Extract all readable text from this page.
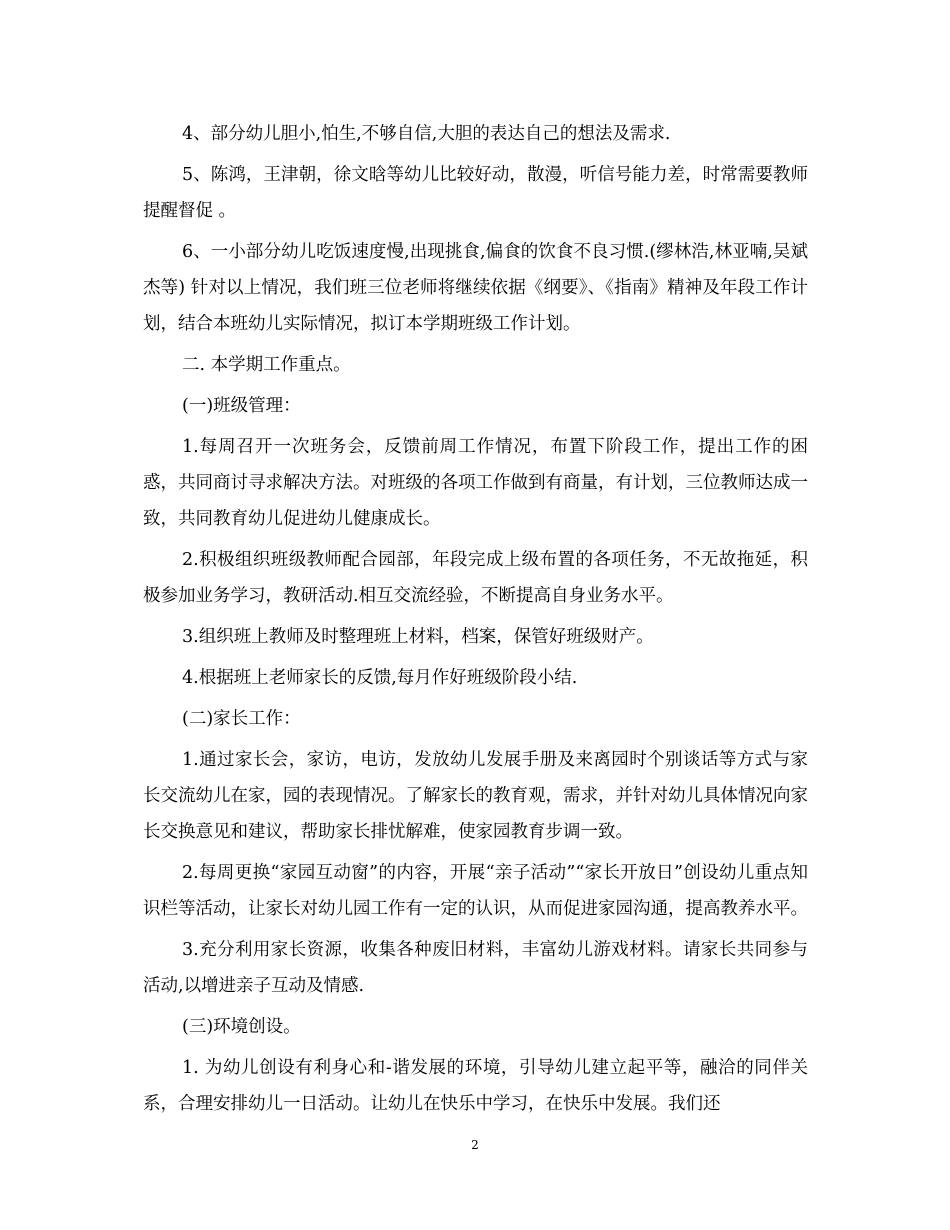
4、部分幼儿胆小,怕生,不够自信,大胆的表达自己的想法及需求.

5、陈鸿，王津朝，徐文晗等幼儿比较好动，散漫，听信号能力差，时常需要教师提醒督促 。

6、一小部分幼儿吃饭速度慢,出现挑食,偏食的饮食不良习惯.(缪林浩,林亚喃,吴斌杰等) 针对以上情况，我们班三位老师将继续依据《纲要》、《指南》精神及年段工作计划，结合本班幼儿实际情况，拟订本学期班级工作计划。

二. 本学期工作重点。

(一)班级管理：

1.每周召开一次班务会，反馈前周工作情况，布置下阶段工作，提出工作的困惑，共同商讨寻求解决方法。对班级的各项工作做到有商量，有计划，三位教师达成一致，共同教育幼儿促进幼儿健康成长。

2.积极组织班级教师配合园部，年段完成上级布置的各项任务，不无故拖延，积极参加业务学习，教研活动.相互交流经验，不断提高自身业务水平。

3.组织班上教师及时整理班上材料，档案，保管好班级财产。

4.根据班上老师家长的反馈,每月作好班级阶段小结.

(二)家长工作：

1.通过家长会，家访，电访，发放幼儿发展手册及来离园时个别谈话等方式与家长交流幼儿在家，园的表现情况。了解家长的教育观，需求，并针对幼儿具体情况向家长交换意见和建议，帮助家长排忧解难，使家园教育步调一致。

2.每周更换“家园互动窗”的内容，开展“亲子活动”“家长开放日”创设幼儿重点知识栏等活动，让家长对幼儿园工作有一定的认识，从而促进家园沟通，提高教养水平。

3.充分利用家长资源，收集各种废旧材料，丰富幼儿游戏材料。请家长共同参与活动,以增进亲子互动及情感.

(三)环境创设。

1. 为幼儿创设有利身心和-谐发展的环境，引导幼儿建立起平等，融洽的同伴关系，合理安排幼儿一日活动。让幼儿在快乐中学习，在快乐中发展。我们还

2
